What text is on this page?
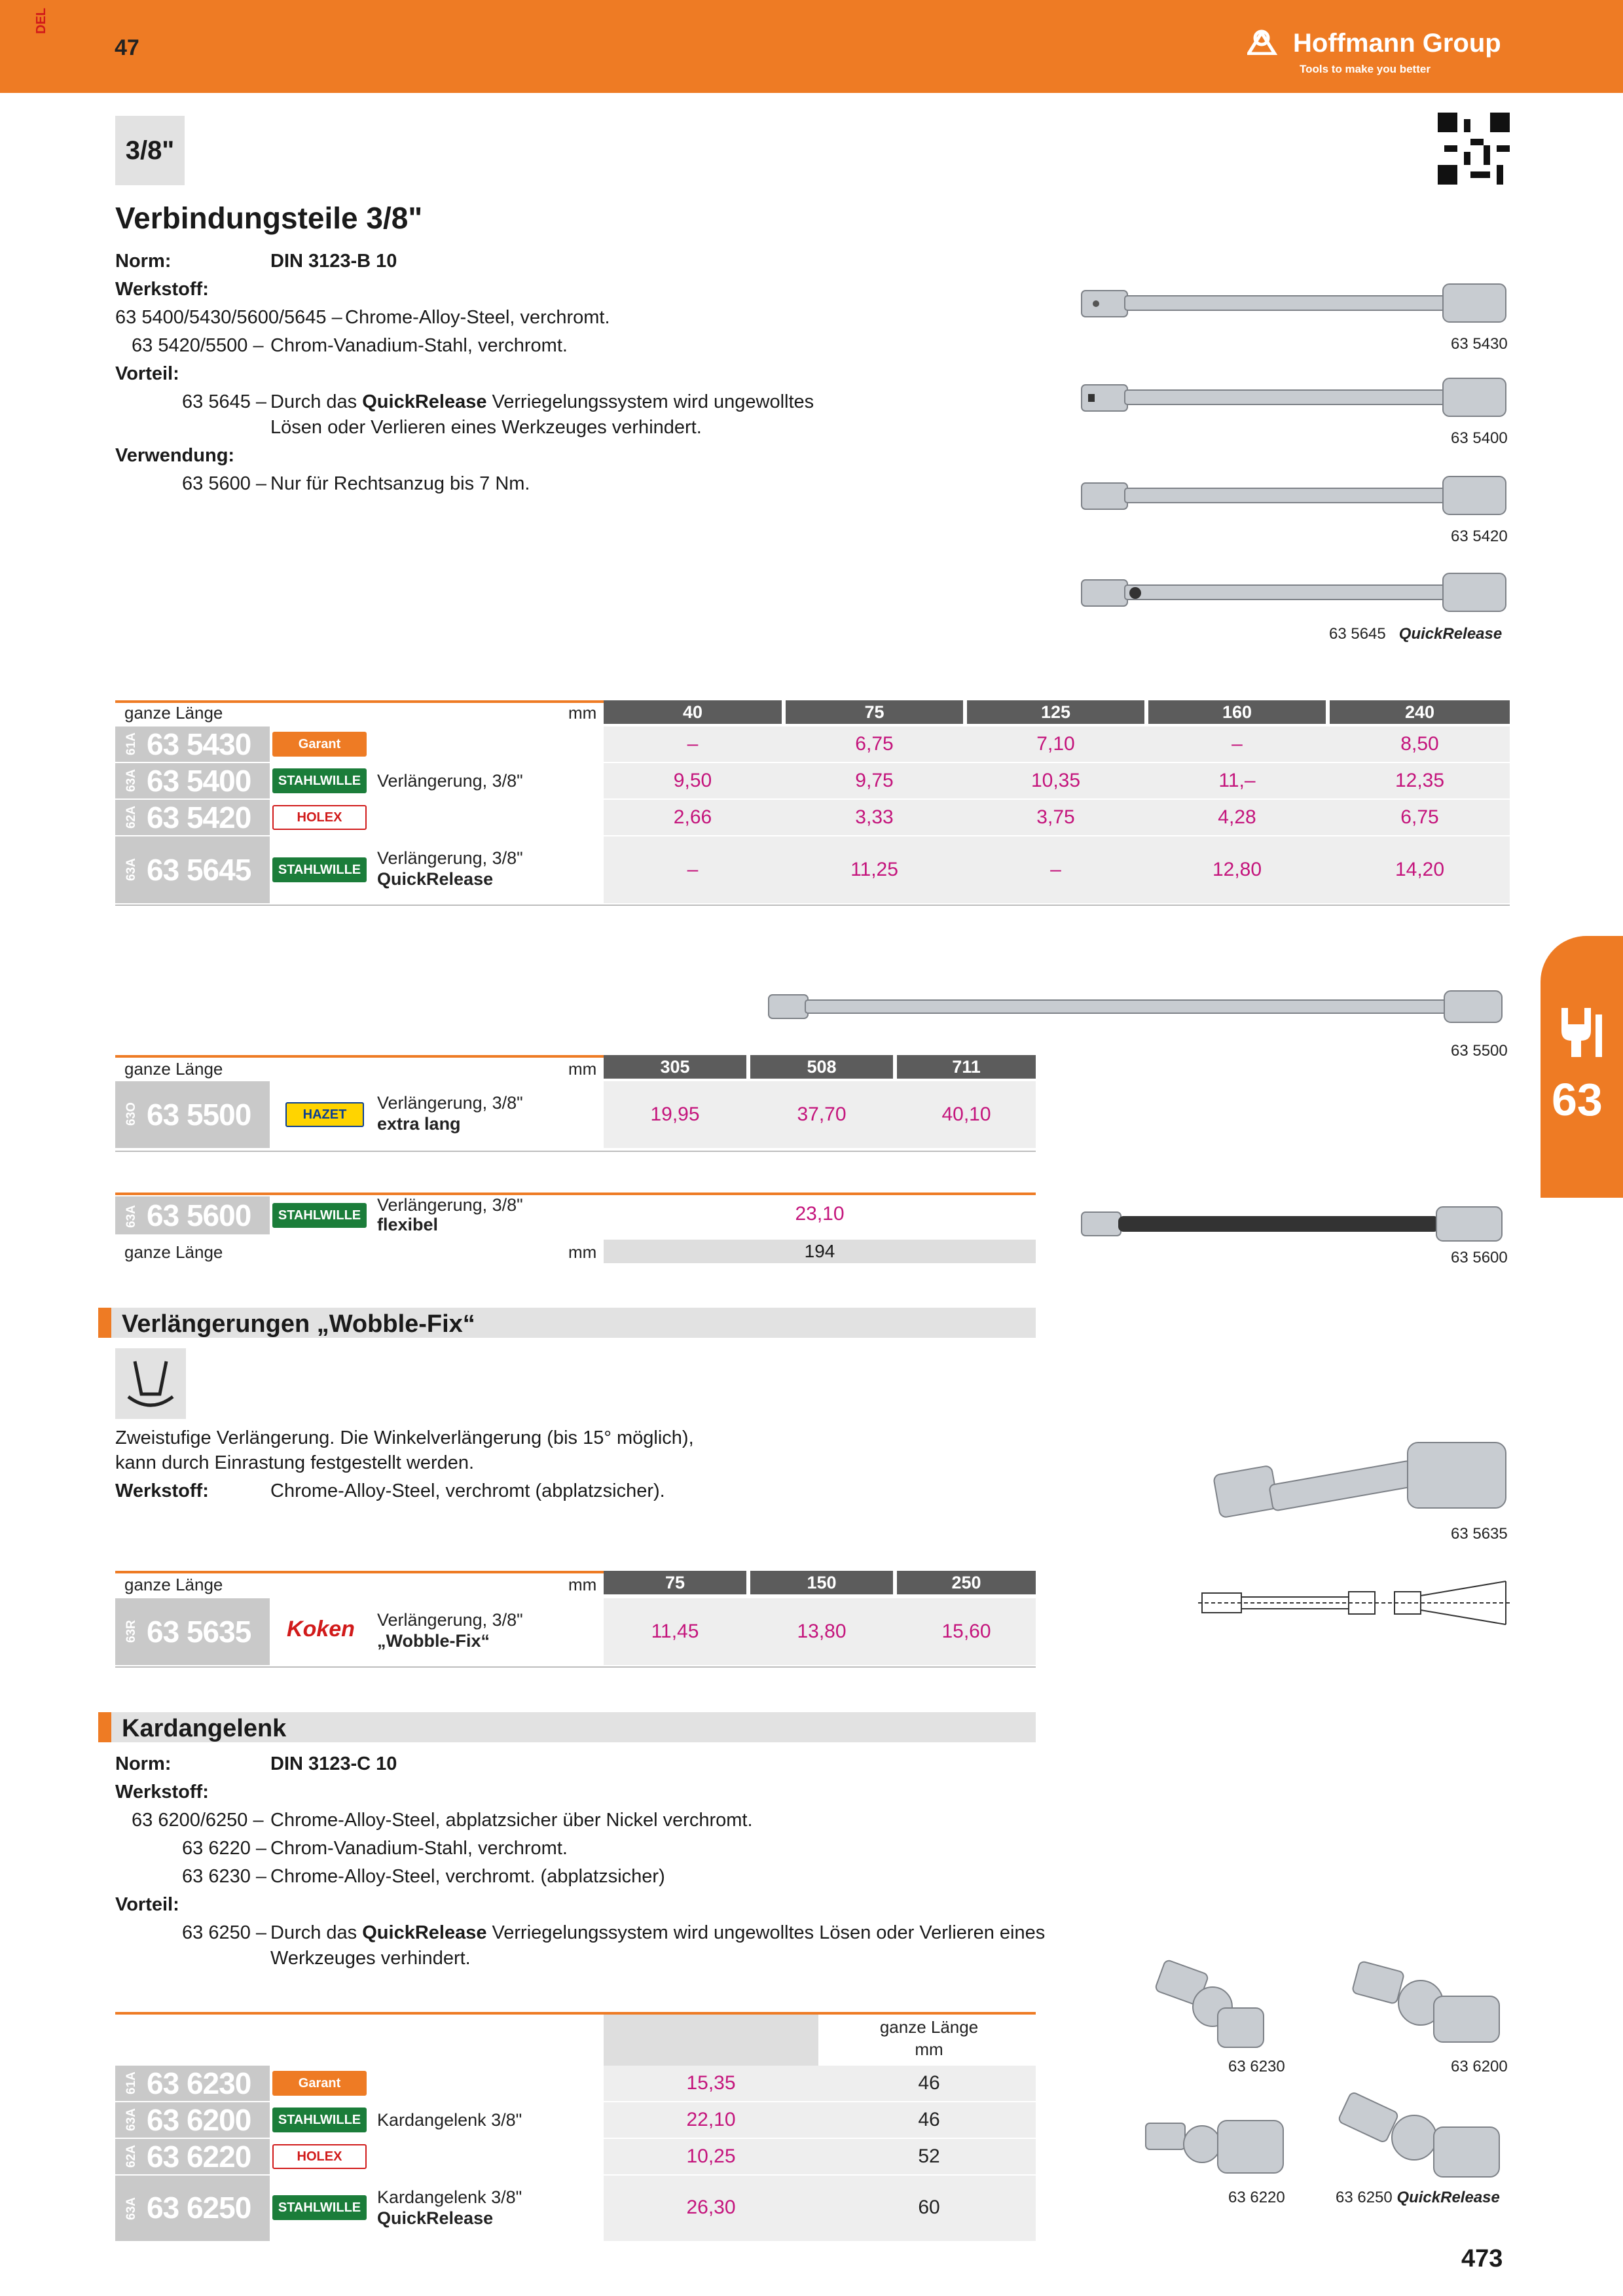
DEL
47	Hoffmann Group
Tools to make you better
3/8"
Verbindungsteile 3/8"
Norm:	DIN 3123-B 10
Werkstoff:
63 5400/5430/5600/5645 – Chrome-Alloy-Steel, verchromt.
63 5420/5500 – Chrom-Vanadium-Stahl, verchromt.
Vorteil:
63 5645 – Durch das QuickRelease Verriegelungssystem wird ungewolltes
Lösen oder Verlieren eines Werkzeuges verhindert.
Verwendung:
63 5600 – Nur für Rechtsanzug bis 7 Nm.
63 5430
63 5400
63 5420
63 5645 QuickRelease
ganze Länge	mm	40	75	125	160	240
61A 63 5430	Garant	–	6,75	7,10	–	8,50
63A 63 5400	STAHLWILLE Verlängerung, 3/8"	9,50	9,75	10,35	11,–	12,35
62A 63 5420	HOLEX	2,66	3,33	3,75	4,28	6,75
63A 63 5645	STAHLWILLE
Verlängerung, 3/8"
QuickRelease	–	11,25	–	12,80	14,20
63 5500
ganze Länge	mm	305	508	711
63O 63 5500	HAZET
Verlängerung, 3/8"
extra lang	19,95	37,70	40,10
63A 63 5600	STAHLWILLE
Verlängerung, 3/8"
flexibel	23,10
ganze Länge	mm	194	63 5600
Verlängerungen „Wobble-Fix“
Zweistufige Verlängerung. Die Winkelverlängerung (bis 15° möglich),
kann durch Einrastung festgestellt werden.
Werkstoff:	Chrome-Alloy-Steel, verchromt (abplatzsicher).
63 5635
ganze Länge	mm	75	150	250
63R 63 5635	Koken	Verlängerung, 3/8"
„Wobble-Fix“	11,45	13,80	15,60
Kardangelenk
Norm:	DIN 3123-C 10
Werkstoff:
63 6200/6250 – Chrome-Alloy-Steel, abplatzsicher über Nickel verchromt.
63 6220 – Chrom-Vanadium-Stahl, verchromt.
63 6230 – Chrome-Alloy-Steel, verchromt. (abplatzsicher)
Vorteil:
63 6250 – Durch das QuickRelease Verriegelungssystem wird ungewolltes Lösen oder Verlieren eines
Werkzeuges verhindert.
63 6230	63 6200
63 6220	63 6250 QuickRelease
ganze Länge
mm
61A 63 6230	Garant	15,35	46
63A 63 6200	STAHLWILLE Kardangelenk 3/8"	22,10	46
62A 63 6220	HOLEX	10,25	52
63A 63 6250	STAHLWILLE
Kardangelenk 3/8"
QuickRelease	26,30	60
63
473
